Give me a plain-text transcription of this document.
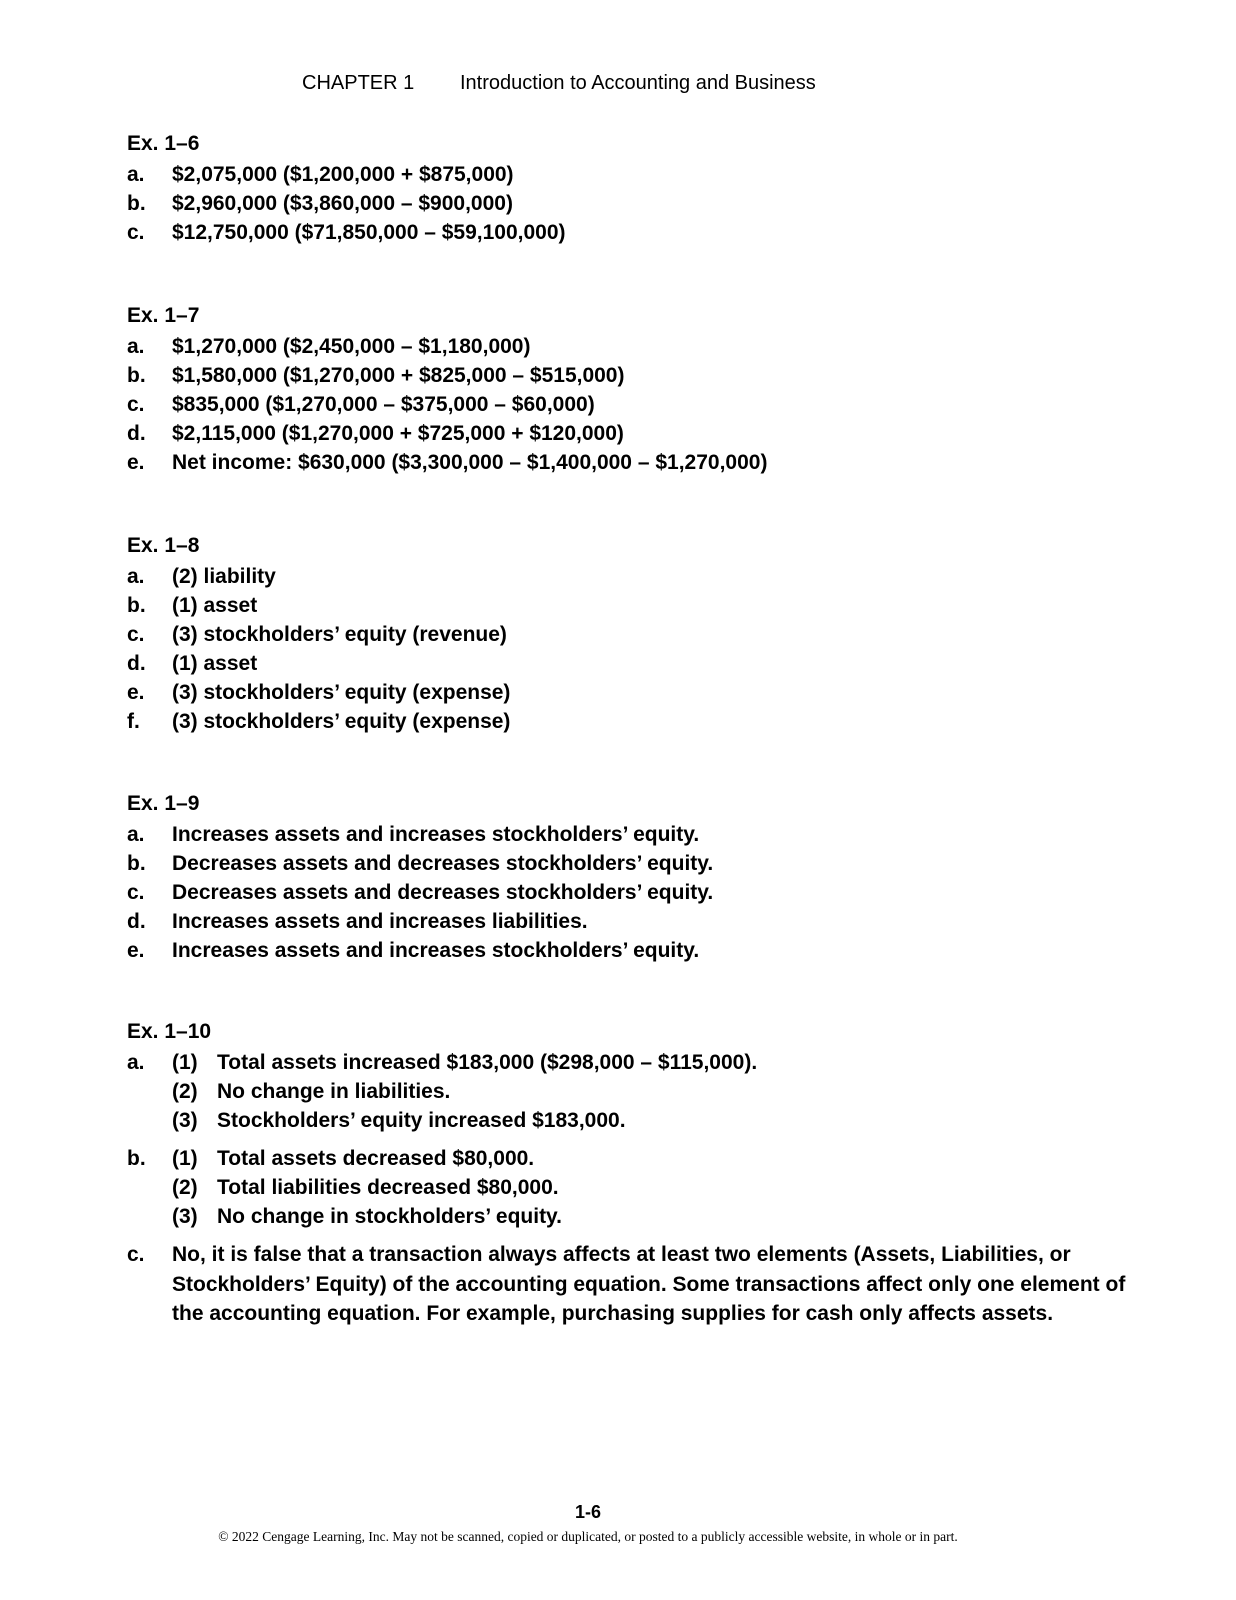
CHAPTER 1 Introduction to Accounting and Business
Ex. 1–6
a.	$2,075,000 ($1,200,000 + $875,000)
b.	$2,960,000 ($3,860,000 – $900,000)
c.	$12,750,000 ($71,850,000 – $59,100,000)
Ex. 1–7
a.	$1,270,000 ($2,450,000 – $1,180,000)
b.	$1,580,000 ($1,270,000 + $825,000 – $515,000)
c.	$835,000 ($1,270,000 – $375,000 – $60,000)
d.	$2,115,000 ($1,270,000 + $725,000 + $120,000)
e.	Net income: $630,000 ($3,300,000 – $1,400,000 – $1,270,000)
Ex. 1–8
a.	(2) liability
b.	(1) asset
c.	(3) stockholders’ equity (revenue)
d.	(1) asset
e.	(3) stockholders’ equity (expense)
f.	(3) stockholders’ equity (expense)
Ex. 1–9
a.	Increases assets and increases stockholders’ equity.
b.	Decreases assets and decreases stockholders’ equity.
c.	Decreases assets and decreases stockholders’ equity.
d.	Increases assets and increases liabilities.
e.	Increases assets and increases stockholders’ equity.
Ex. 1–10
a.	(1) Total assets increased $183,000 ($298,000 – $115,000).
(2) No change in liabilities.
(3) Stockholders’ equity increased $183,000.
b.	(1) Total assets decreased $80,000.
(2) Total liabilities decreased $80,000.
(3) No change in stockholders’ equity.
c.	No, it is false that a transaction always affects at least two elements (Assets, Liabilities, or Stockholders’ Equity) of the accounting equation. Some transactions affect only one element of the accounting equation. For example, purchasing supplies for cash only affects assets.
1-6
© 2022 Cengage Learning, Inc. May not be scanned, copied or duplicated, or posted to a publicly accessible website, in whole or in part.
